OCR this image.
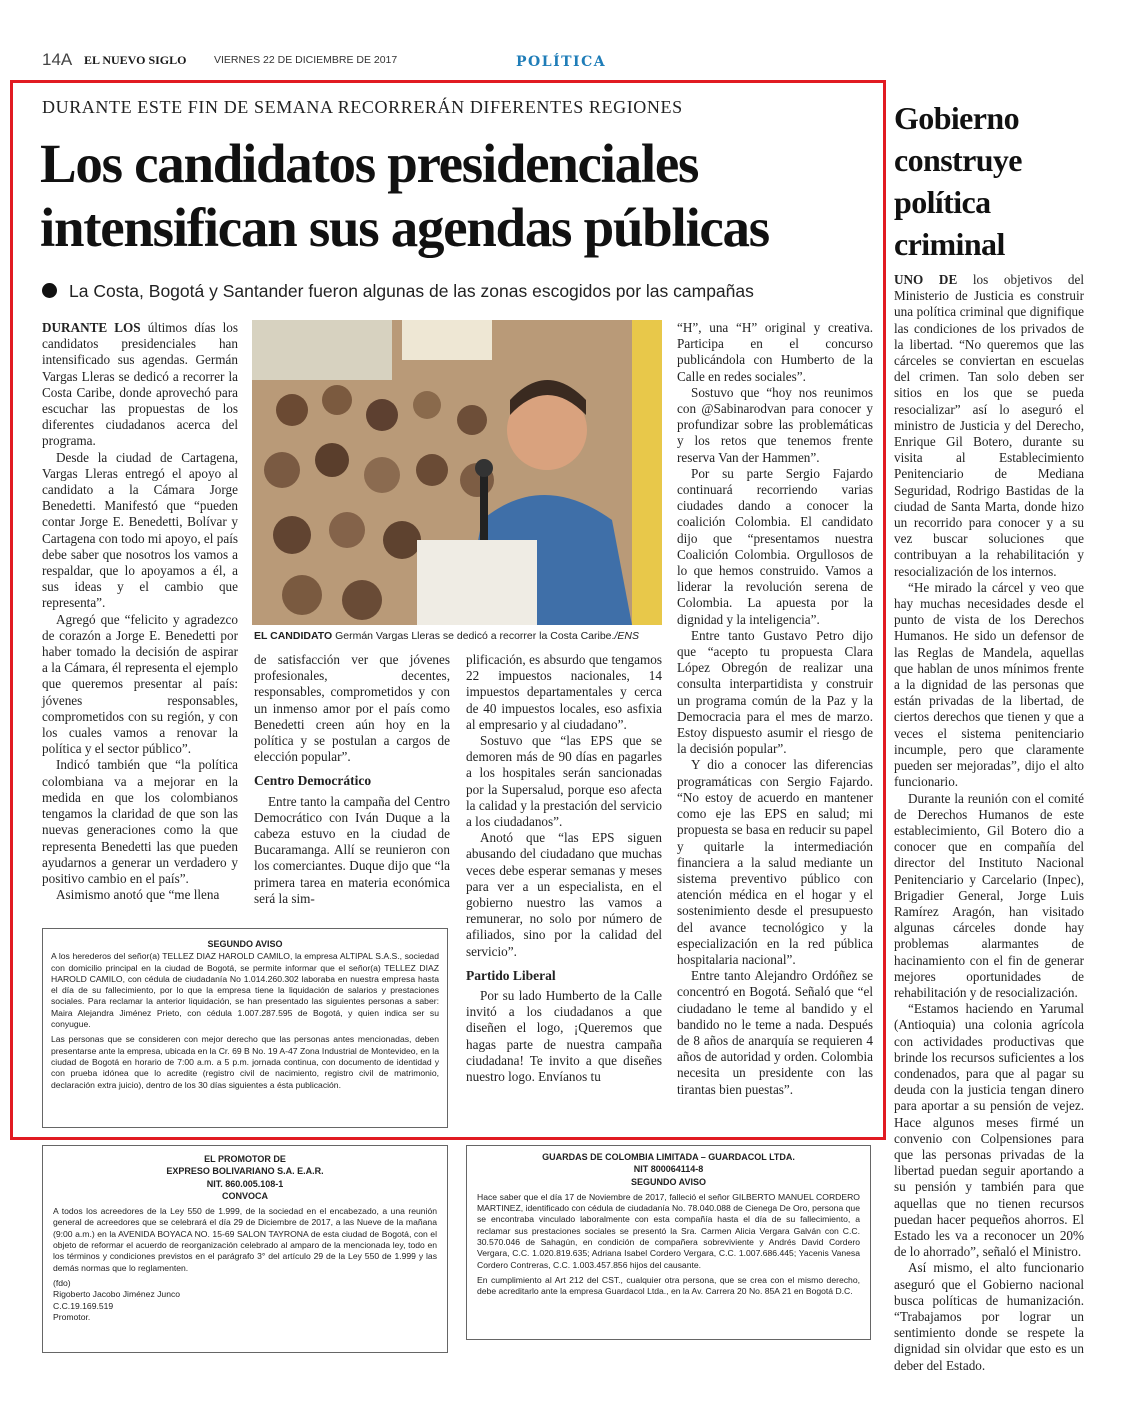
14A EL NUEVO SIGLO	VIERNES 22 DE DICIEMBRE DE 2017	POLÍTICA
DURANTE ESTE FIN DE SEMANA RECORRERÁN DIFERENTES REGIONES
Los candidatos presidenciales
intensifican sus agendas públicas
La Costa, Bogotá y Santander fueron algunas de las zonas escogidos por las campañas

DURANTE LOS últimos días los candidatos presidenciales han intensificado sus agendas. Germán Vargas Lleras se dedicó a recorrer la Costa Caribe, donde aprovechó para escuchar las propuestas de los diferentes ciudadanos acerca del programa.

Desde la ciudad de Cartagena, Vargas Lleras entregó el apoyo al candidato a la Cámara Jorge Benedetti. Manifestó que “pueden contar Jorge E. Benedetti, Bolívar y Cartagena con todo mi apoyo, el país debe saber que nosotros los vamos a respaldar, que lo apoyamos a él, a sus ideas y el cambio que representa”.

Agregó que “felicito y agradezco de corazón a Jorge E. Benedetti por haber tomado la decisión de aspirar a la Cámara, él representa el ejemplo que queremos presentar al país: jóvenes responsables, comprometidos con su región, y con los cuales vamos a renovar la política y el sector público”.

Indicó también que “la política colombiana va a mejorar en la medida en que los colombianos tengamos la claridad de que son las nuevas generaciones como la que representa Benedetti las que pueden ayudarnos a generar un verdadero y positivo cambio en el país”.

Asimismo anotó que “me llena

EL CANDIDATO Germán Vargas Lleras se dedicó a recorrer la Costa Caribe./ENS

de satisfacción ver que jóvenes profesionales, decentes, responsables, comprometidos y con un inmenso amor por el país como Benedetti creen aún hoy en la política y se postulan a cargos de elección popular”.

Centro Democrático

Entre tanto la campaña del Centro Democrático con Iván Duque a la cabeza estuvo en la ciudad de Bucaramanga. Allí se reunieron con los comerciantes. Duque dijo que “la primera tarea en materia económica será la sim-

plificación, es absurdo que tengamos 22 impuestos nacionales, 14 impuestos departamentales y cerca de 40 impuestos locales, eso asfixia al empresario y al ciudadano”.

Sostuvo que “las EPS que se demoren más de 90 días en pagarles a los hospitales serán sancionadas por la Supersalud, porque eso afecta la calidad y la prestación del servicio a los ciudadanos”.

Anotó que “las EPS siguen abusando del ciudadano que muchas veces debe esperar semanas y meses para ver a un especialista, en el gobierno nuestro las vamos a remunerar, no solo por número de afiliados, sino por la calidad del servicio”.

Partido Liberal

Por su lado Humberto de la Calle invitó a los ciudadanos a que diseñen el logo, ¡Queremos que hagas parte de nuestra campaña ciudadana! Te invito a que diseñes nuestro logo. Envíanos tu

“H”, una “H” original y creativa. Participa en el concurso publicándola con Humberto de la Calle en redes sociales”.

Sostuvo que “hoy nos reunimos con @Sabinarodvan para conocer y profundizar sobre las problemáticas y los retos que tenemos frente reserva Van der Hammen”.

Por su parte Sergio Fajardo continuará recorriendo varias ciudades dando a conocer la coalición Colombia. El candidato dijo que “presentamos nuestra Coalición Colombia. Orgullosos de lo que hemos construido. Vamos a liderar la revolución serena de Colombia. La apuesta por la dignidad y la inteligencia”.

Entre tanto Gustavo Petro dijo que “acepto tu propuesta Clara López Obregón de realizar una consulta interpartidista y construir un programa común de la Paz y la Democracia para el mes de marzo. Estoy dispuesto asumir el riesgo de la decisión popular”.

Y dio a conocer las diferencias programáticas con Sergio Fajardo. “No estoy de acuerdo en mantener como eje las EPS en salud; mi propuesta se basa en reducir su papel y quitarle la intermediación financiera a la salud mediante un sistema preventivo público con atención médica en el hogar y el sostenimiento desde el presupuesto del avance tecnológico y la especialización en la red pública hospitalaria nacional”.

Entre tanto Alejandro Ordóñez se concentró en Bogotá. Señaló que “el ciudadano le teme al bandido y el bandido no le teme a nada. Después de 8 años de anarquía se requieren 4 años de autoridad y orden. Colombia necesita un presidente con las tirantas bien puestas”.

SEGUNDO AVISO

A los herederos del señor(a) TELLEZ DIAZ HAROLD CAMILO, la empresa ALTIPAL S.A.S., sociedad con domicilio principal en la ciudad de Bogotá, se permite informar que el señor(a) TELLEZ DIAZ HAROLD CAMILO, con cédula de ciudadanía No 1.014.260.302 laboraba en nuestra empresa hasta el día de su fallecimiento, por lo que la empresa tiene la liquidación de salarios y prestaciones sociales. Para reclamar la anterior liquidación, se han presentado las siguientes personas a saber: Maira Alejandra Jiménez Prieto, con cédula 1.007.287.595 de Bogotá, y quien indica ser su conyugue.

Las personas que se consideren con mejor derecho que las personas antes mencionadas, deben presentarse ante la empresa, ubicada en la Cr. 69 B No. 19 A-47 Zona Industrial de Montevideo, en la ciudad de Bogotá en horario de 7:00 a.m. a 5 p.m. jornada continua, con documento de identidad y con prueba idónea que lo acredite (registro civil de nacimiento, registro civil de matrimonio, declaración extra juicio), dentro de los 30 días siguientes a ésta publicación.

EL PROMOTOR DE
EXPRESO BOLIVARIANO S.A. E.A.R.
NIT. 860.005.108-1
CONVOCA

A todos los acreedores de la Ley 550 de 1.999, de la sociedad en el encabezado, a una reunión general de acreedores que se celebrará el día 29 de Diciembre de 2017, a las Nueve de la mañana (9:00 a.m.) en la AVENIDA BOYACA NO. 15-69 SALON TAYRONA de esta ciudad de Bogotá, con el objeto de reformar el acuerdo de reorganización celebrado al amparo de la mencionada ley, todo en los términos y condiciones previstos en el parágrafo 3° del artículo 29 de la Ley 550 de 1.999 y las demás normas que lo reglamenten.

(fdo)
Rigoberto Jacobo Jiménez Junco
C.C.19.169.519
Promotor.
GUARDAS DE COLOMBIA LIMITADA – GUARDACOL LTDA.
NIT 800064114-8
SEGUNDO AVISO

Hace saber que el día 17 de Noviembre de 2017, falleció el señor GILBERTO MANUEL CORDERO MARTINEZ, identificado con cédula de ciudadanía No. 78.040.088 de Cienega De Oro, persona que se encontraba vinculado laboralmente con esta compañía hasta el día de su fallecimiento, a reclamar sus prestaciones sociales se presentó la Sra. Carmen Alicia Vergara Galván con C.C. 30.570.046 de Sahagún, en condición de compañera sobreviviente y Andrés David Cordero Vergara, C.C. 1.020.819.635; Adriana Isabel Cordero Vergara, C.C. 1.007.686.445; Yacenis Vanesa Cordero Contreras, C.C. 1.003.457.856 hijos del causante.

En cumplimiento al Art 212 del CST., cualquier otra persona, que se crea con el mismo derecho, debe acreditarlo ante la empresa Guardacol Ltda., en la Av. Carrera 20 No. 85A 21 en Bogotá D.C.

Gobierno
construye
política
criminal

UNO DE los objetivos del Ministerio de Justicia es construir una política criminal que dignifique las condiciones de los privados de la libertad. “No queremos que las cárceles se conviertan en escuelas del crimen. Tan solo deben ser sitios en los que se pueda resocializar” así lo aseguró el ministro de Justicia y del Derecho, Enrique Gil Botero, durante su visita al Establecimiento Penitenciario de Mediana Seguridad, Rodrigo Bastidas de la ciudad de Santa Marta, donde hizo un recorrido para conocer y a su vez buscar soluciones que contribuyan a la rehabilitación y resocialización de los internos.

“He mirado la cárcel y veo que hay muchas necesidades desde el punto de vista de los Derechos Humanos. He sido un defensor de las Reglas de Mandela, aquellas que hablan de unos mínimos frente a la dignidad de las personas que están privadas de la libertad, de ciertos derechos que tienen y que a veces el sistema penitenciario incumple, pero que claramente pueden ser mejoradas”, dijo el alto funcionario.

Durante la reunión con el comité de Derechos Humanos de este establecimiento, Gil Botero dio a conocer que en compañía del director del Instituto Nacional Penitenciario y Carcelario (Inpec), Brigadier General, Jorge Luis Ramírez Aragón, han visitado algunas cárceles donde hay problemas alarmantes de hacinamiento con el fin de generar mejores oportunidades de rehabilitación y de resocialización.

“Estamos haciendo en Yarumal (Antioquia) una colonia agrícola con actividades productivas que brinde los recursos suficientes a los condenados, para que al pagar su deuda con la justicia tengan dinero para aportar a su pensión de vejez. Hace algunos meses firmé un convenio con Colpensiones para que las personas privadas de la libertad puedan seguir aportando a su pensión y también para que aquellas que no tienen recursos puedan hacer pequeños ahorros. El Estado les va a reconocer un 20% de lo ahorrado”, señaló el Ministro.

Así mismo, el alto funcionario aseguró que el Gobierno nacional busca políticas de humanización. “Trabajamos por lograr un sentimiento donde se respete la dignidad sin olvidar que esto es un deber del Estado.
